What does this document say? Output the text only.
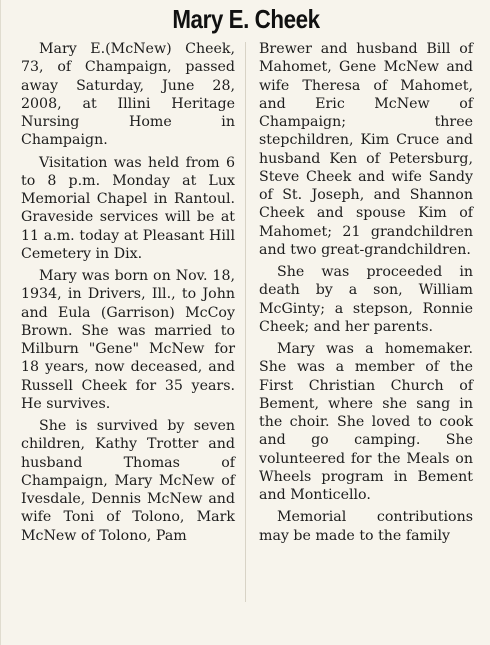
Mary E. Cheek

Mary E.(McNew) Cheek, 73, of Champaign, passed away Saturday, June 28, 2008, at Illini Heritage Nursing Home in Champaign.

Visitation was held from 6 to 8 p.m. Monday at Lux Memorial Chapel in Rantoul. Graveside services will be at 11 a.m. today at Pleasant Hill Cemetery in Dix.

Mary was born on Nov. 18, 1934, in Drivers, Ill., to John and Eula (Garrison) McCoy Brown. She was married to Milburn "Gene" McNew for 18 years, now deceased, and Russell Cheek for 35 years. He survives.

She is survived by seven children, Kathy Trotter and husband Thomas of Champaign, Mary McNew of Ivesdale, Dennis McNew and wife Toni of Tolono, Mark McNew of Tolono, Pam

Brewer and husband Bill of Mahomet, Gene McNew and wife Theresa of Mahomet, and Eric McNew of Champaign; three stepchildren, Kim Cruce and husband Ken of Petersburg, Steve Cheek and wife Sandy of St. Joseph, and Shannon Cheek and spouse Kim of Mahomet; 21 grandchildren and two great-grandchildren.

She was proceeded in death by a son, William McGinty; a stepson, Ronnie Cheek; and her parents.

Mary was a homemaker. She was a member of the First Christian Church of Bement, where she sang in the choir. She loved to cook and go camping. She volunteered for the Meals on Wheels program in Bement and Monticello.

Memorial contributions may be made to the family
